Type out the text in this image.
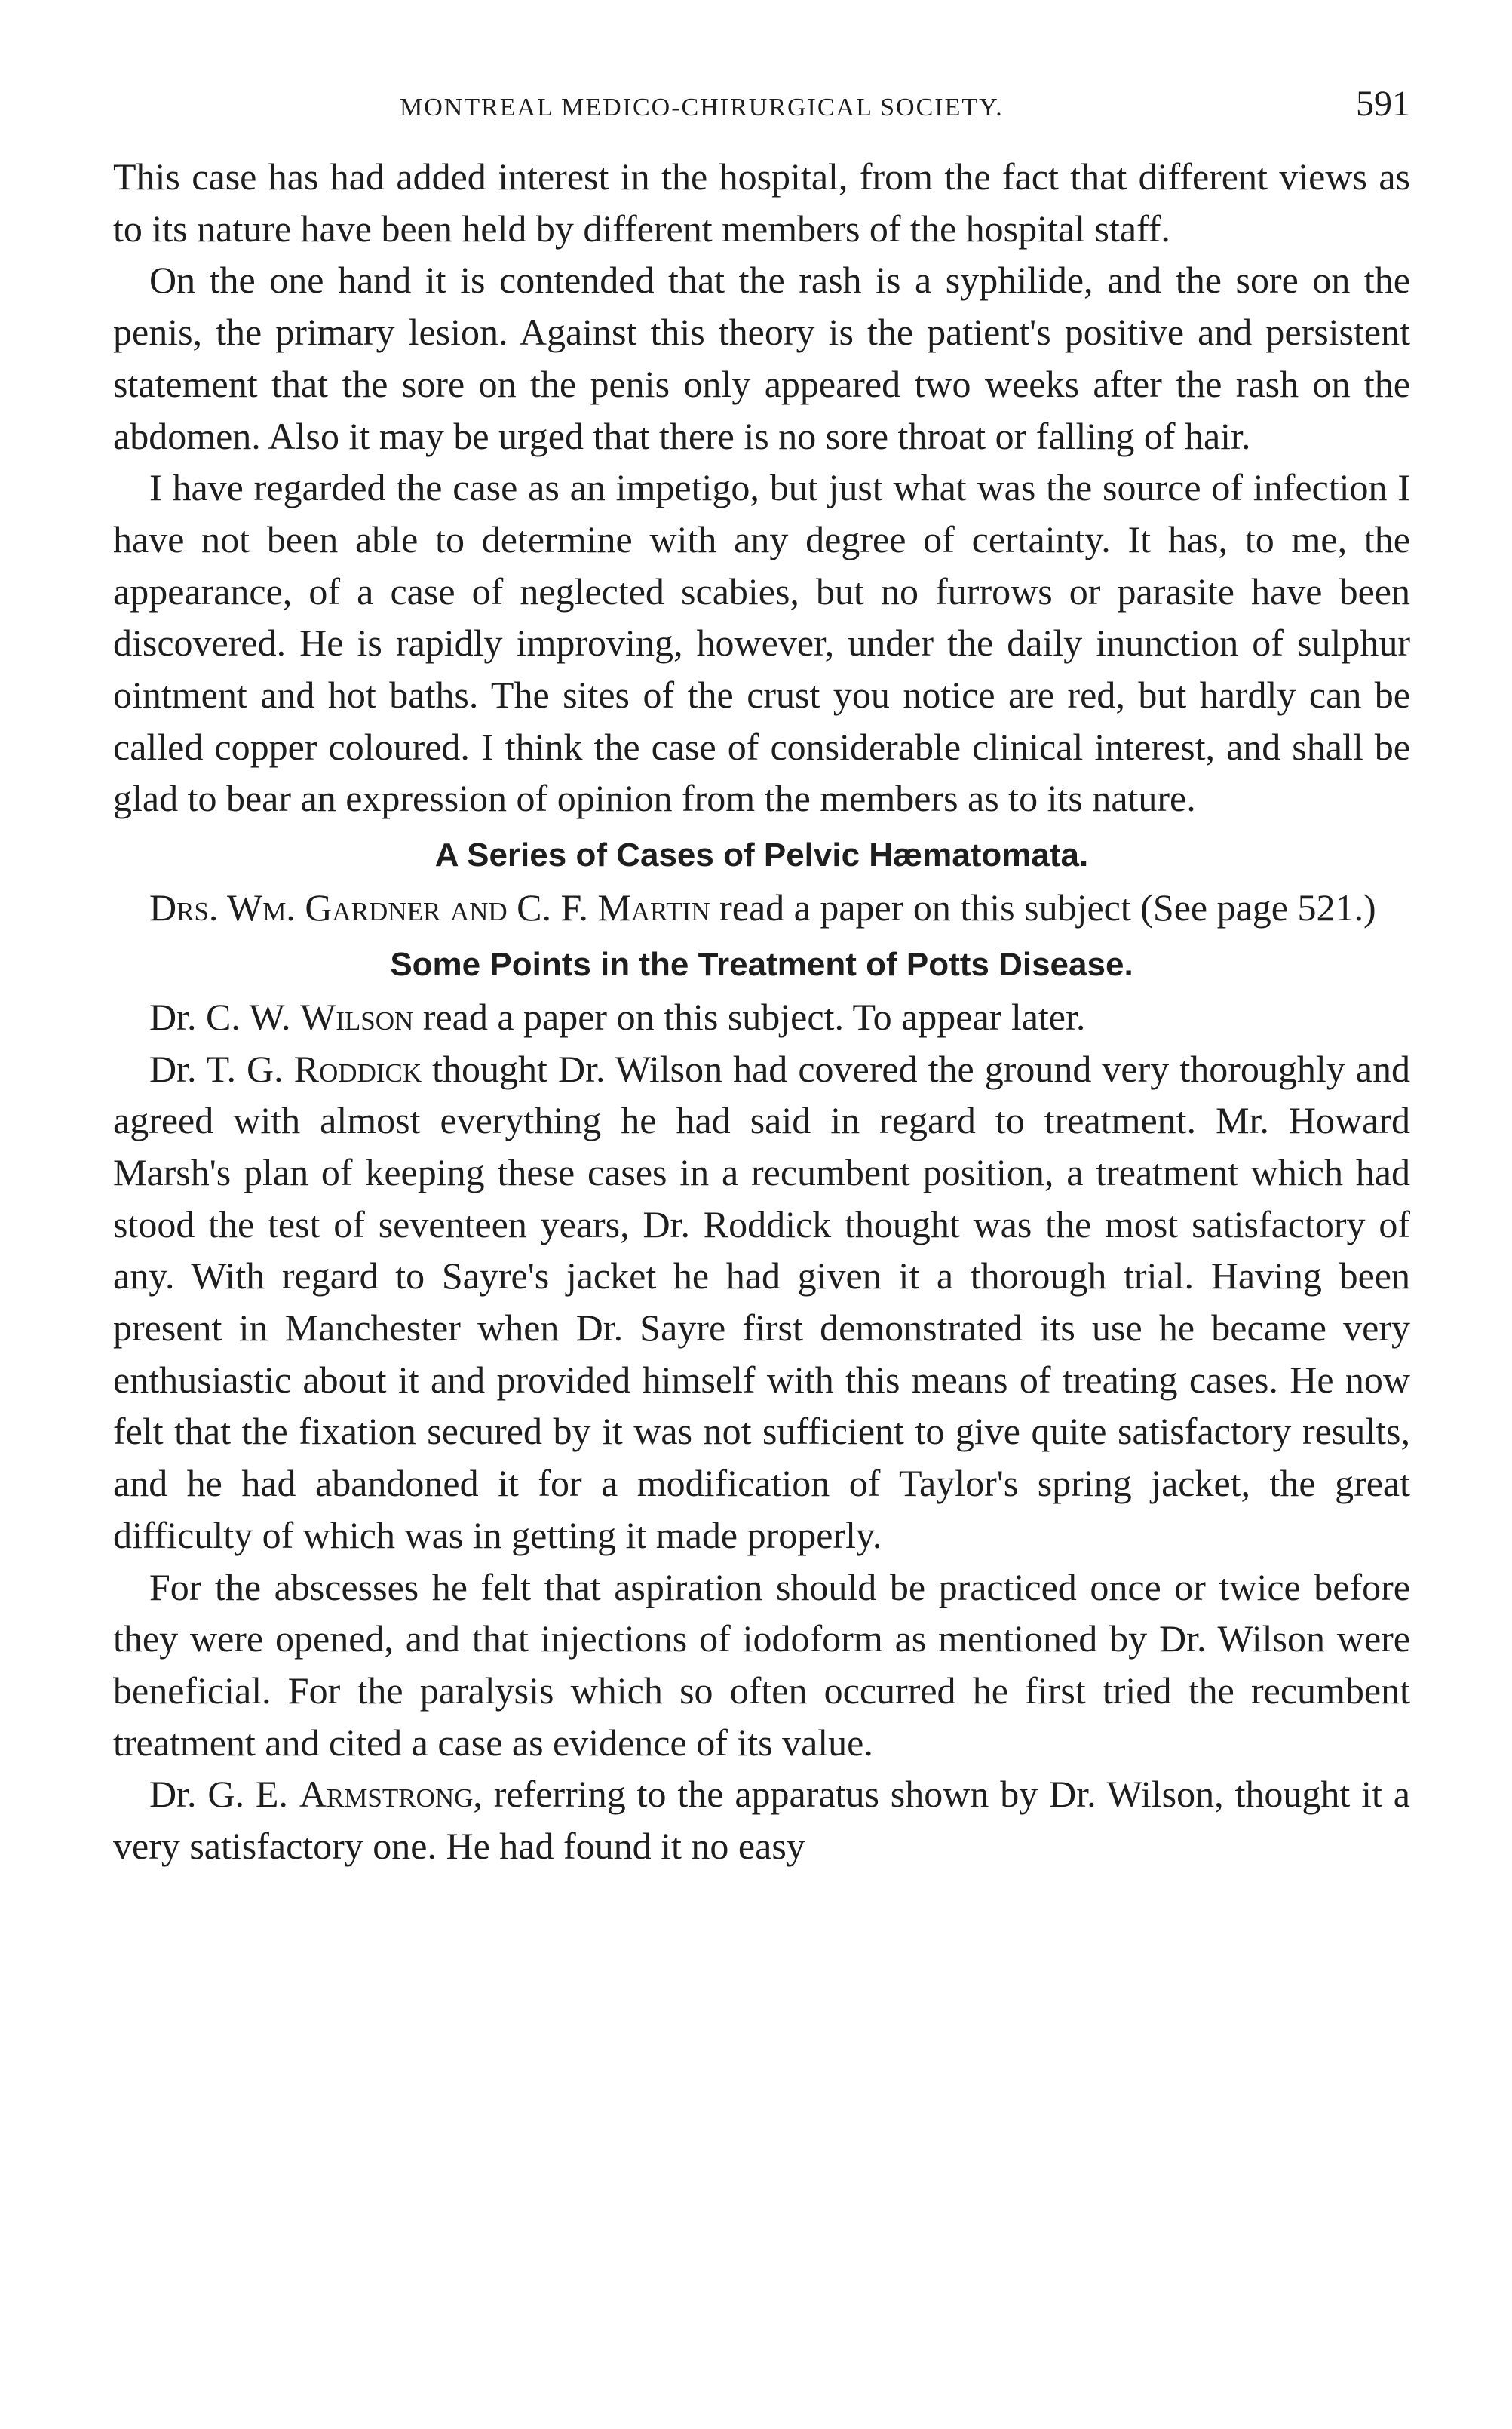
MONTREAL MEDICO-CHIRURGICAL SOCIETY.	591

This case has had added interest in the hospital, from the fact that different views as to its nature have been held by different members of the hospital staff.

On the one hand it is contended that the rash is a syphilide, and the sore on the penis, the primary lesion. Against this theory is the patient's positive and persistent statement that the sore on the penis only appeared two weeks after the rash on the abdomen. Also it may be urged that there is no sore throat or falling of hair.

I have regarded the case as an impetigo, but just what was the source of infection I have not been able to determine with any degree of certainty. It has, to me, the appearance, of a case of neglected scabies, but no furrows or parasite have been discovered. He is rapidly improving, however, under the daily inunction of sulphur ointment and hot baths. The sites of the crust you notice are red, but hardly can be called copper coloured. I think the case of considerable clinical interest, and shall be glad to bear an expression of opinion from the members as to its nature.

A Series of Cases of Pelvic Hæmatomata.

Drs. Wm. Gardner and C. F. Martin read a paper on this subject (See page 521.)

Some Points in the Treatment of Potts Disease.

Dr. C. W. Wilson read a paper on this subject. To appear later.

Dr. T. G. Roddick thought Dr. Wilson had covered the ground very thoroughly and agreed with almost everything he had said in regard to treatment. Mr. Howard Marsh's plan of keeping these cases in a recumbent position, a treatment which had stood the test of seventeen years, Dr. Roddick thought was the most satisfactory of any. With regard to Sayre's jacket he had given it a thorough trial. Having been present in Manchester when Dr. Sayre first demonstrated its use he became very enthusiastic about it and provided himself with this means of treating cases. He now felt that the fixation secured by it was not sufficient to give quite satisfactory results, and he had abandoned it for a modification of Taylor's spring jacket, the great difficulty of which was in getting it made properly.

For the abscesses he felt that aspiration should be practiced once or twice before they were opened, and that injections of iodoform as mentioned by Dr. Wilson were beneficial. For the paralysis which so often occurred he first tried the recumbent treatment and cited a case as evidence of its value.

Dr. G. E. Armstrong, referring to the apparatus shown by Dr. Wilson, thought it a very satisfactory one. He had found it no easy
